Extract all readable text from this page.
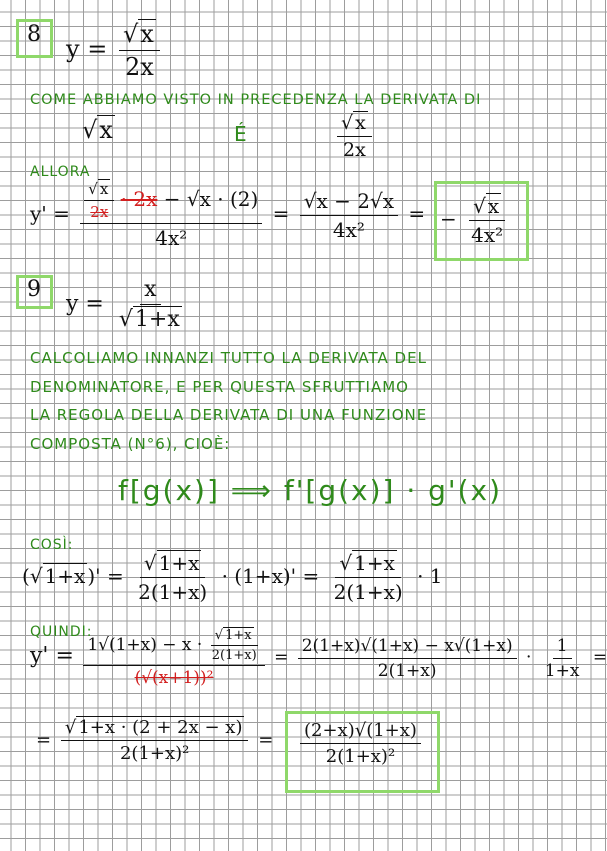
8
y =
√ $\frac{x}{2x}$
COME ABBIAMO VISTO IN PRECEDENZA LA DERIVATA DI
√ x	É
√	$\frac{x}{2x}$
ALLORA
y' =
√ $\frac{\frac{x}{2x} \cdot 2x - √x \cdot (2)}{\text{4x²}} = \frac{√x - 2√x}{\text{4x²}}$ = −
√ $\frac{x}{\text{4x²}}$
9
y = x
√ 1+x
CALCOLIAMO INNANZI TUTTO LA DERIVATA DEL
DENOMINATORE, E PER QUESTA SFRUTTIAMO
LA REGOLA DELLA DERIVATA DI UNA FUNZIONE
COMPOSTA (N°6), CIOÈ:
f[g(x)] ⟹ f'[g(x)] · g'(x)
COSÌ:
(√ 1+x )' =
√ $\frac{1+x}{2(1+x)} \cdot (1+x)'$ =
√ $\frac{1+x}{2(1+x)} \cdot 1$
QUINDI:
y' = 1√(1+x) − x ·
√ $\frac{1+x}{2(1+x)}$
$(√(x+1))^2 = \frac{2(1+x)√(1+x) - x√(1+x)}{2(1+x)} \cdot \frac{1}{1+x}$ =
=
√ $\frac{1+x \cdot (2 + 2x - x)}{\text{2(1+x)²}} = \frac{(2+x)√(1+x)}{\text{2(1+x)²}}$
